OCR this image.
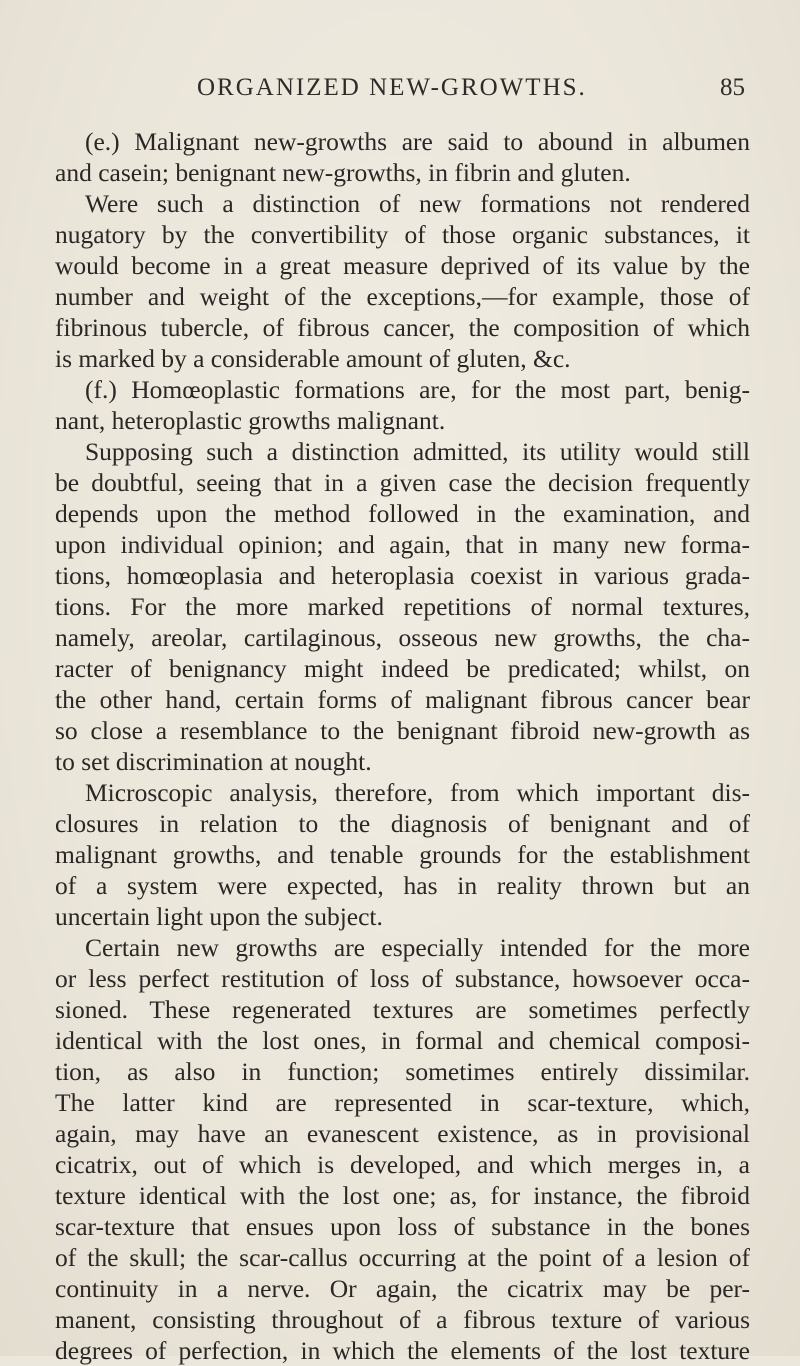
ORGANIZED NEW-GROWTHS.	85
(e.) Malignant new-growths are said to abound in albumen
and casein; benignant new-growths, in fibrin and gluten.
Were such a distinction of new formations not rendered
nugatory by the convertibility of those organic substances, it
would become in a great measure deprived of its value by the
number and weight of the exceptions,—for example, those of
fibrinous tubercle, of fibrous cancer, the composition of which
is marked by a considerable amount of gluten, &c.
(f.) Homœoplastic formations are, for the most part, benig-
nant, heteroplastic growths malignant.
Supposing such a distinction admitted, its utility would still
be doubtful, seeing that in a given case the decision frequently
depends upon the method followed in the examination, and
upon individual opinion; and again, that in many new forma-
tions, homœoplasia and heteroplasia coexist in various grada-
tions. For the more marked repetitions of normal textures,
namely, areolar, cartilaginous, osseous new growths, the cha-
racter of benignancy might indeed be predicated; whilst, on
the other hand, certain forms of malignant fibrous cancer bear
so close a resemblance to the benignant fibroid new-growth as
to set discrimination at nought.
Microscopic analysis, therefore, from which important dis-
closures in relation to the diagnosis of benignant and of
malignant growths, and tenable grounds for the establishment
of a system were expected, has in reality thrown but an
uncertain light upon the subject.
Certain new growths are especially intended for the more
or less perfect restitution of loss of substance, howsoever occa-
sioned. These regenerated textures are sometimes perfectly
identical with the lost ones, in formal and chemical composi-
tion, as also in function; sometimes entirely dissimilar.
The latter kind are represented in scar-texture, which,
again, may have an evanescent existence, as in provisional
cicatrix, out of which is developed, and which merges in, a
texture identical with the lost one; as, for instance, the fibroid
scar-texture that ensues upon loss of substance in the bones
of the skull; the scar-callus occurring at the point of a lesion of
continuity in a nerve. Or again, the cicatrix may be per-
manent, consisting throughout of a fibrous texture of various
degrees of perfection, in which the elements of the lost texture
